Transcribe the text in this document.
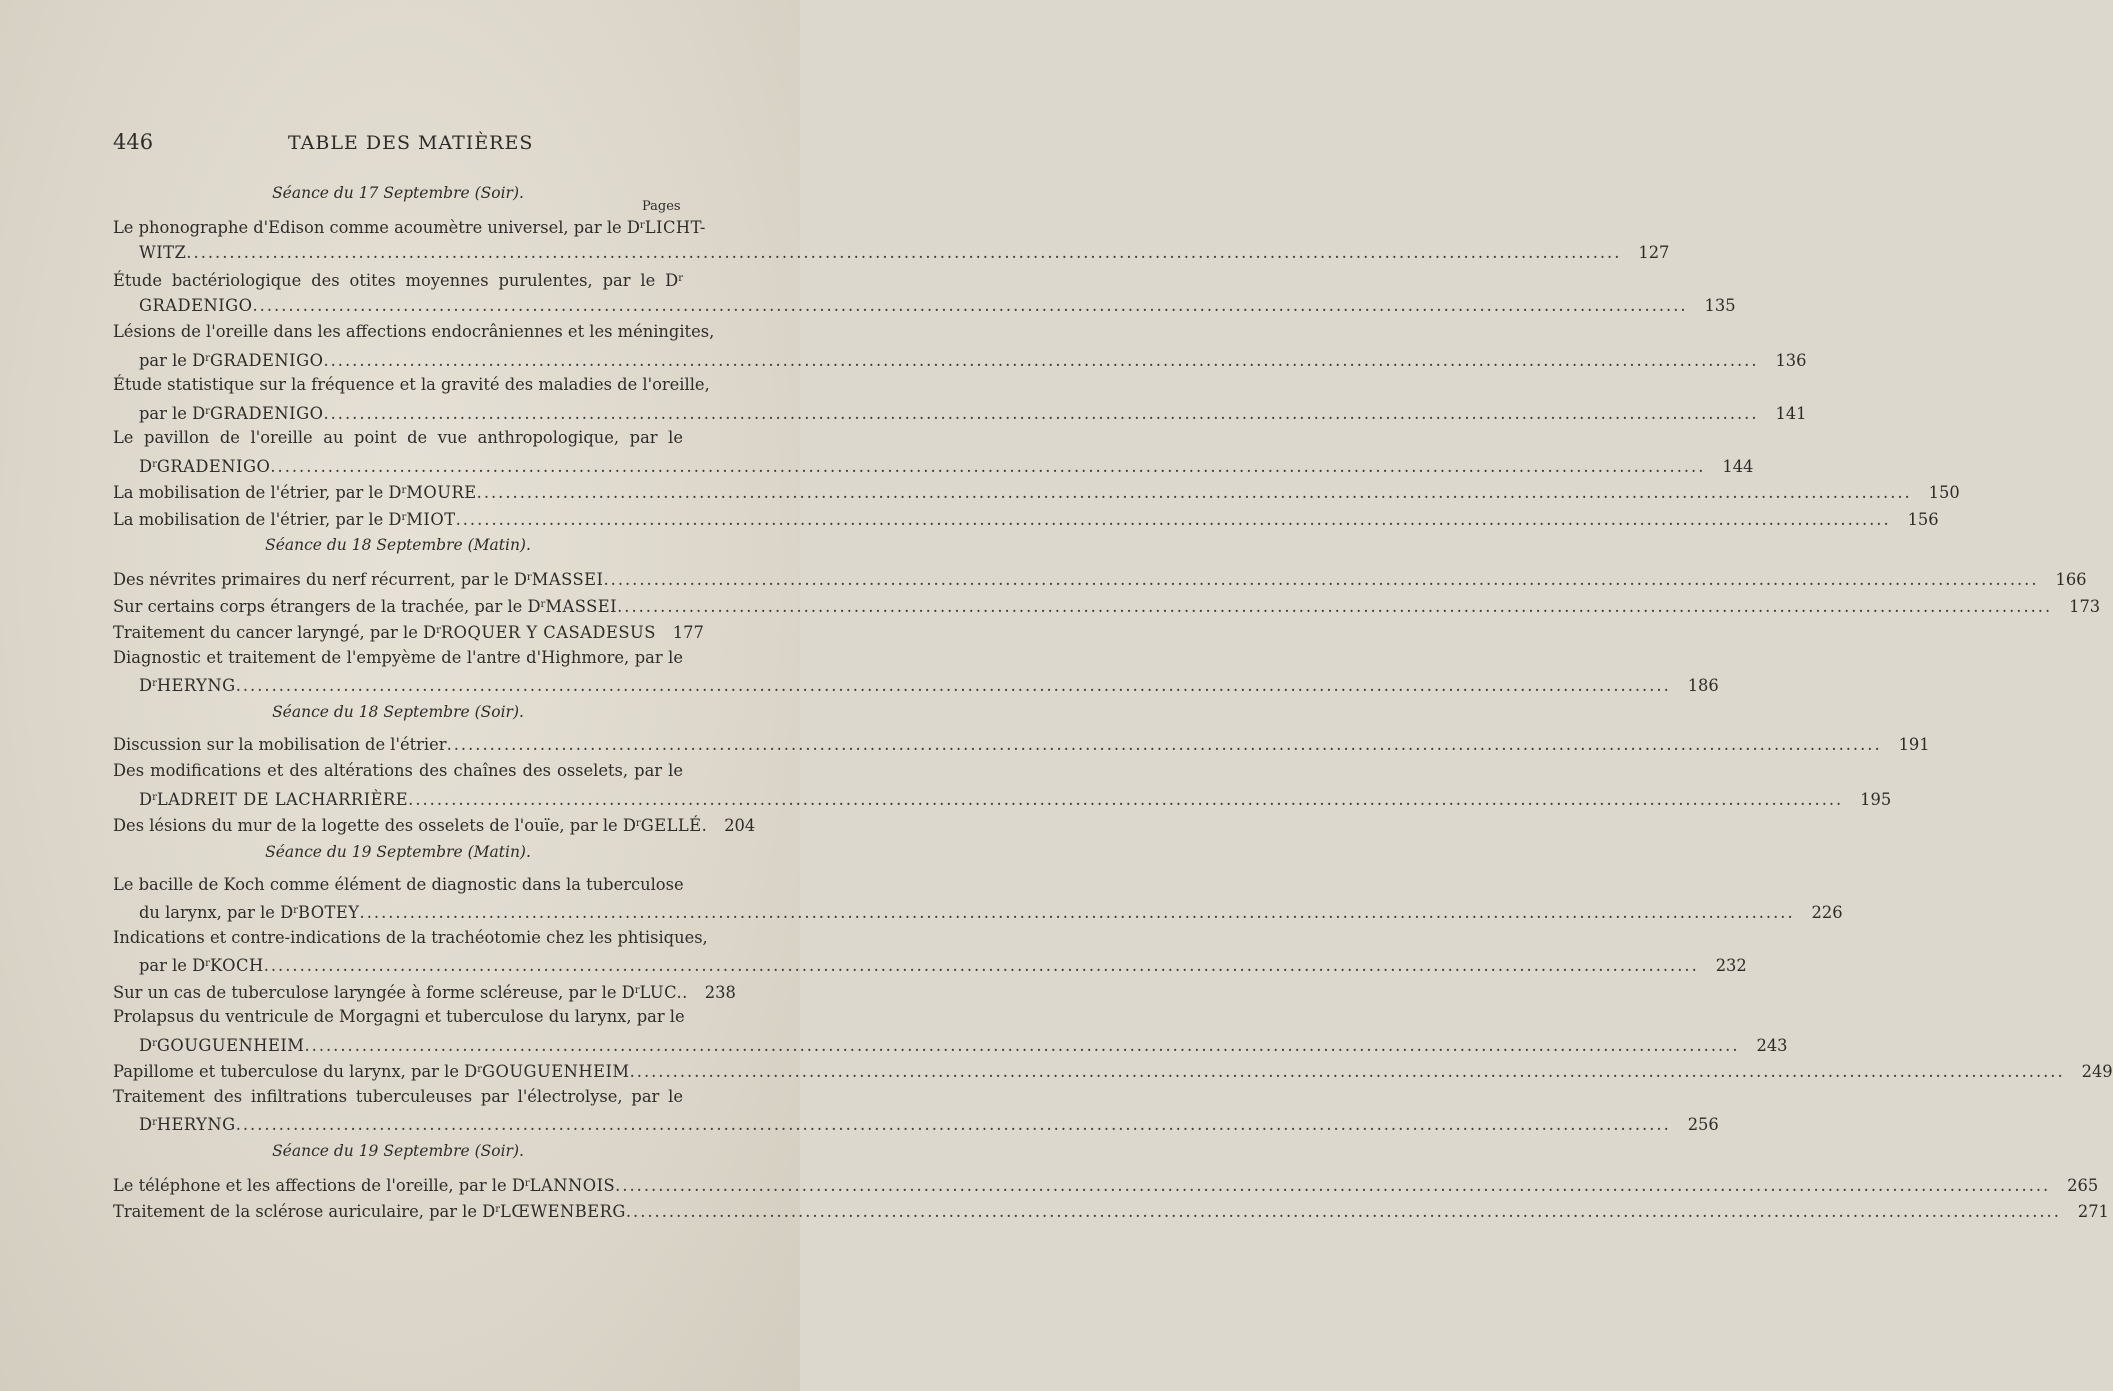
446	TABLE DES MATIÈRES
Pages
Séance du 17 Septembre (Soir).
Le phonographe d'Edison comme acoumètre universel, par le $D^rLICHT-$
WITZ ........................................................................................................................................................................................................	127
Étude bactériologique des otites moyennes purulentes, par le $D^r$
GRADENIGO ........................................................................................................................................................................................................	135
Lésions de l'oreille dans les affections endocrâniennes et les méningites,
par le $D^rGRADENIGO$ ........................................................................................................................................................................................................	136
Étude statistique sur la fréquence et la gravité des maladies de l'oreille,
par le $D^rGRADENIGO$ ........................................................................................................................................................................................................	141
Le pavillon de l'oreille au point de vue anthropologique, par le
$D^rGRADENIGO$ ........................................................................................................................................................................................................	144
La mobilisation de l'étrier, par le $D^rMOURE$ ........................................................................................................................................................................................................	150
La mobilisation de l'étrier, par le $D^rMIOT$ ........................................................................................................................................................................................................	156
Séance du 18 Septembre (Matin).
Des névrites primaires du nerf récurrent, par le $D^rMASSEI$ ........................................................................................................................................................................................................	166
Sur certains corps étrangers de la trachée, par le $D^rMASSEI$ ........................................................................................................................................................................................................	173
Traitement du cancer laryngé, par le $D^rROQUER$ Y CASADESUS	177
Diagnostic et traitement de l'empyème de l'antre d'Highmore, par le
$D^rHERYNG$ ........................................................................................................................................................................................................	186
Séance du 18 Septembre (Soir).
Discussion sur la mobilisation de l'étrier ........................................................................................................................................................................................................	191
Des modifications et des altérations des chaînes des osselets, par le
$D^rLADREIT$ DE LACHARRIÈRE ........................................................................................................................................................................................................	195
Des lésions du mur de la logette des osselets de l'ouïe, par le $D^rGELLÉ$.	204
Séance du 19 Septembre (Matin).
Le bacille de Koch comme élément de diagnostic dans la tuberculose
du larynx, par le $D^rBOTEY$ ........................................................................................................................................................................................................	226
Indications et contre-indications de la trachéotomie chez les phtisiques,
par le $D^rKOCH$ ........................................................................................................................................................................................................	232
Sur un cas de tuberculose laryngée à forme scléreuse, par le $D^rLUC$..	238
Prolapsus du ventricule de Morgagni et tuberculose du larynx, par le
$D^rGOUGUENHEIM$ ........................................................................................................................................................................................................	243
Papillome et tuberculose du larynx, par le $D^rGOUGUENHEIM$ ........................................................................................................................................................................................................	249
Traitement des infiltrations tuberculeuses par l'électrolyse, par le
$D^rHERYNG$ ........................................................................................................................................................................................................	256
Séance du 19 Septembre (Soir).
Le téléphone et les affections de l'oreille, par le $D^rLANNOIS$ ........................................................................................................................................................................................................	265
Traitement de la sclérose auriculaire, par le $D^rLŒWENBERG$ ........................................................................................................................................................................................................	271
